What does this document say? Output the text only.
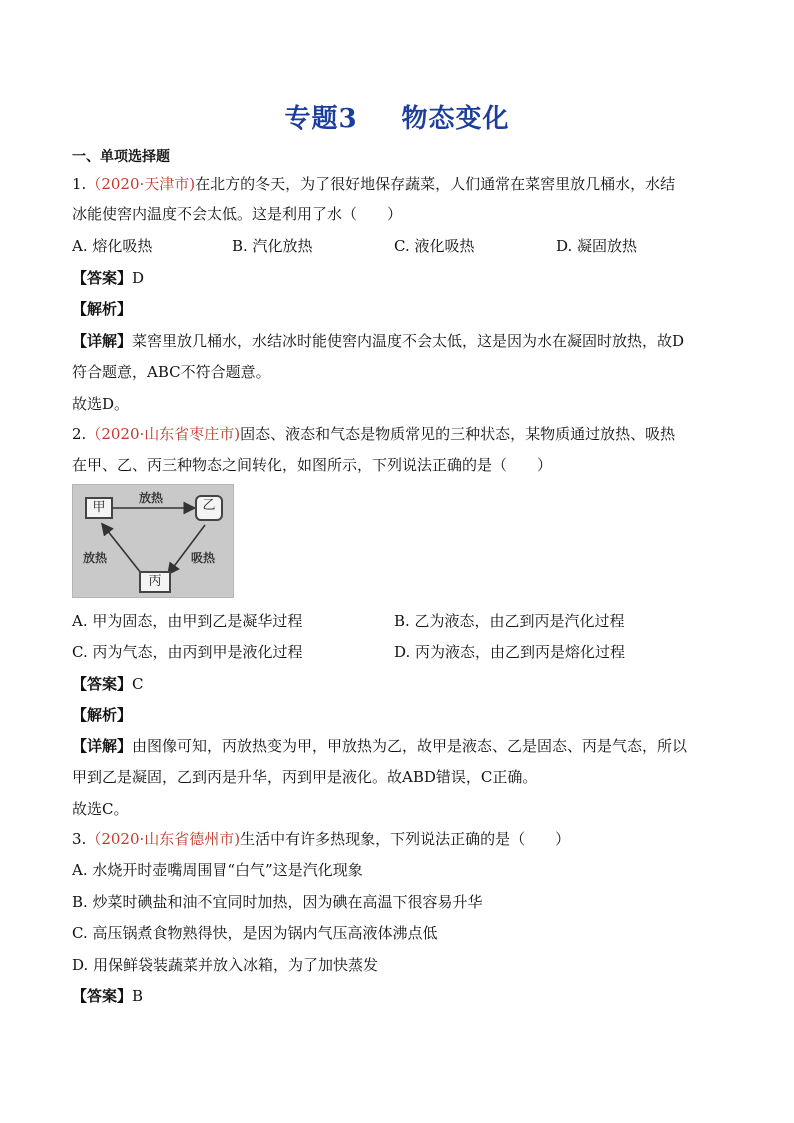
专题3 物态变化
一、单项选择题
1.（2020·天津市)在北方的冬天，为了很好地保存蔬菜，人们通常在菜窖里放几桶水，水结
冰能使窖内温度不会太低。这是利用了水（　　）
A. 熔化吸热	B. 汽化放热	C. 液化吸热	D. 凝固放热
【答案】D
【解析】
【详解】菜窖里放几桶水，水结冰时能使窖内温度不会太低，这是因为水在凝固时放热，故D
符合题意，ABC不符合题意。
故选D。
2.（2020·山东省枣庄市)固态、液态和气态是物质常见的三种状态，某物质通过放热、吸热
在甲、乙、丙三种物态之间转化，如图所示，下列说法正确的是（　　）
甲	乙
丙
放热
放热	吸热
A. 甲为固态，由甲到乙是凝华过程	B. 乙为液态，由乙到丙是汽化过程
C. 丙为气态，由丙到甲是液化过程	D. 丙为液态，由乙到丙是熔化过程
【答案】C
【解析】
【详解】由图像可知，丙放热变为甲，甲放热为乙，故甲是液态、乙是固态、丙是气态，所以
甲到乙是凝固，乙到丙是升华，丙到甲是液化。故ABD错误，C正确。
故选C。
3.（2020·山东省德州市)生活中有许多热现象，下列说法正确的是（　　）
A. 水烧开时壶嘴周围冒“白气”这是汽化现象
B. 炒菜时碘盐和油不宜同时加热，因为碘在高温下很容易升华
C. 高压锅煮食物熟得快，是因为锅内气压高液体沸点低
D. 用保鲜袋装蔬菜并放入冰箱，为了加快蒸发
【答案】B
